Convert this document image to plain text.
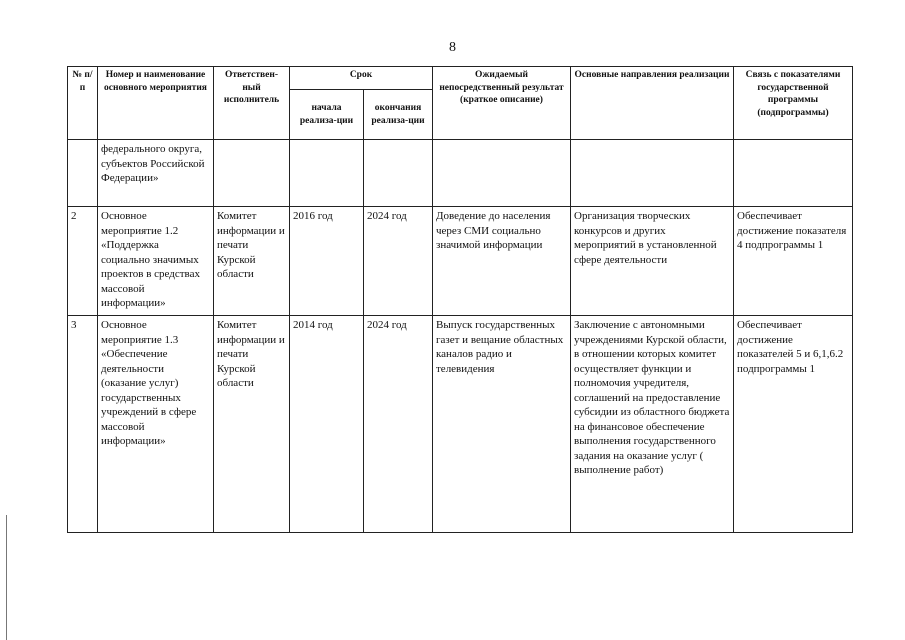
8
№ п/п	Номер и наименование основного мероприятия	Ответствен-ный исполнитель	Срок		Ожидаемый непосредственный результат (краткое описание)	Основные направления реализации	Связь с показателями государственной программы (подпрограммы)
			начала реализа-ции	окончания реализа-ции			
	федерального округа, субъектов Российской Федерации»						
2	Основное мероприятие 1.2 «Поддержка социально значимых проектов в средствах массовой информации»	Комитет информации и печати Курской области	2016 год	2024 год	Доведение до населения через СМИ социально значимой информации	Организация творческих конкурсов и других мероприятий в установленной сфере деятельности	Обеспечивает достижение показателя 4 подпрограммы 1
3	Основное мероприятие 1.3 «Обеспечение деятельности (оказание услуг) государственных учреждений в сфере массовой информации»	Комитет информации и печати Курской области	2014 год	2024 год	Выпуск государственных газет и вещание областных каналов радио и телевидения	Заключение с автономными учреждениями Курской области, в отношении которых комитет осуществляет функции и полномочия учредителя, соглашений на предоставление субсидии из областного бюджета на финансовое обеспечение выполнения государственного задания на оказание услуг ( выполнение работ)	Обеспечивает достижение показателей 5 и 6,1,6.2 подпрограммы 1
